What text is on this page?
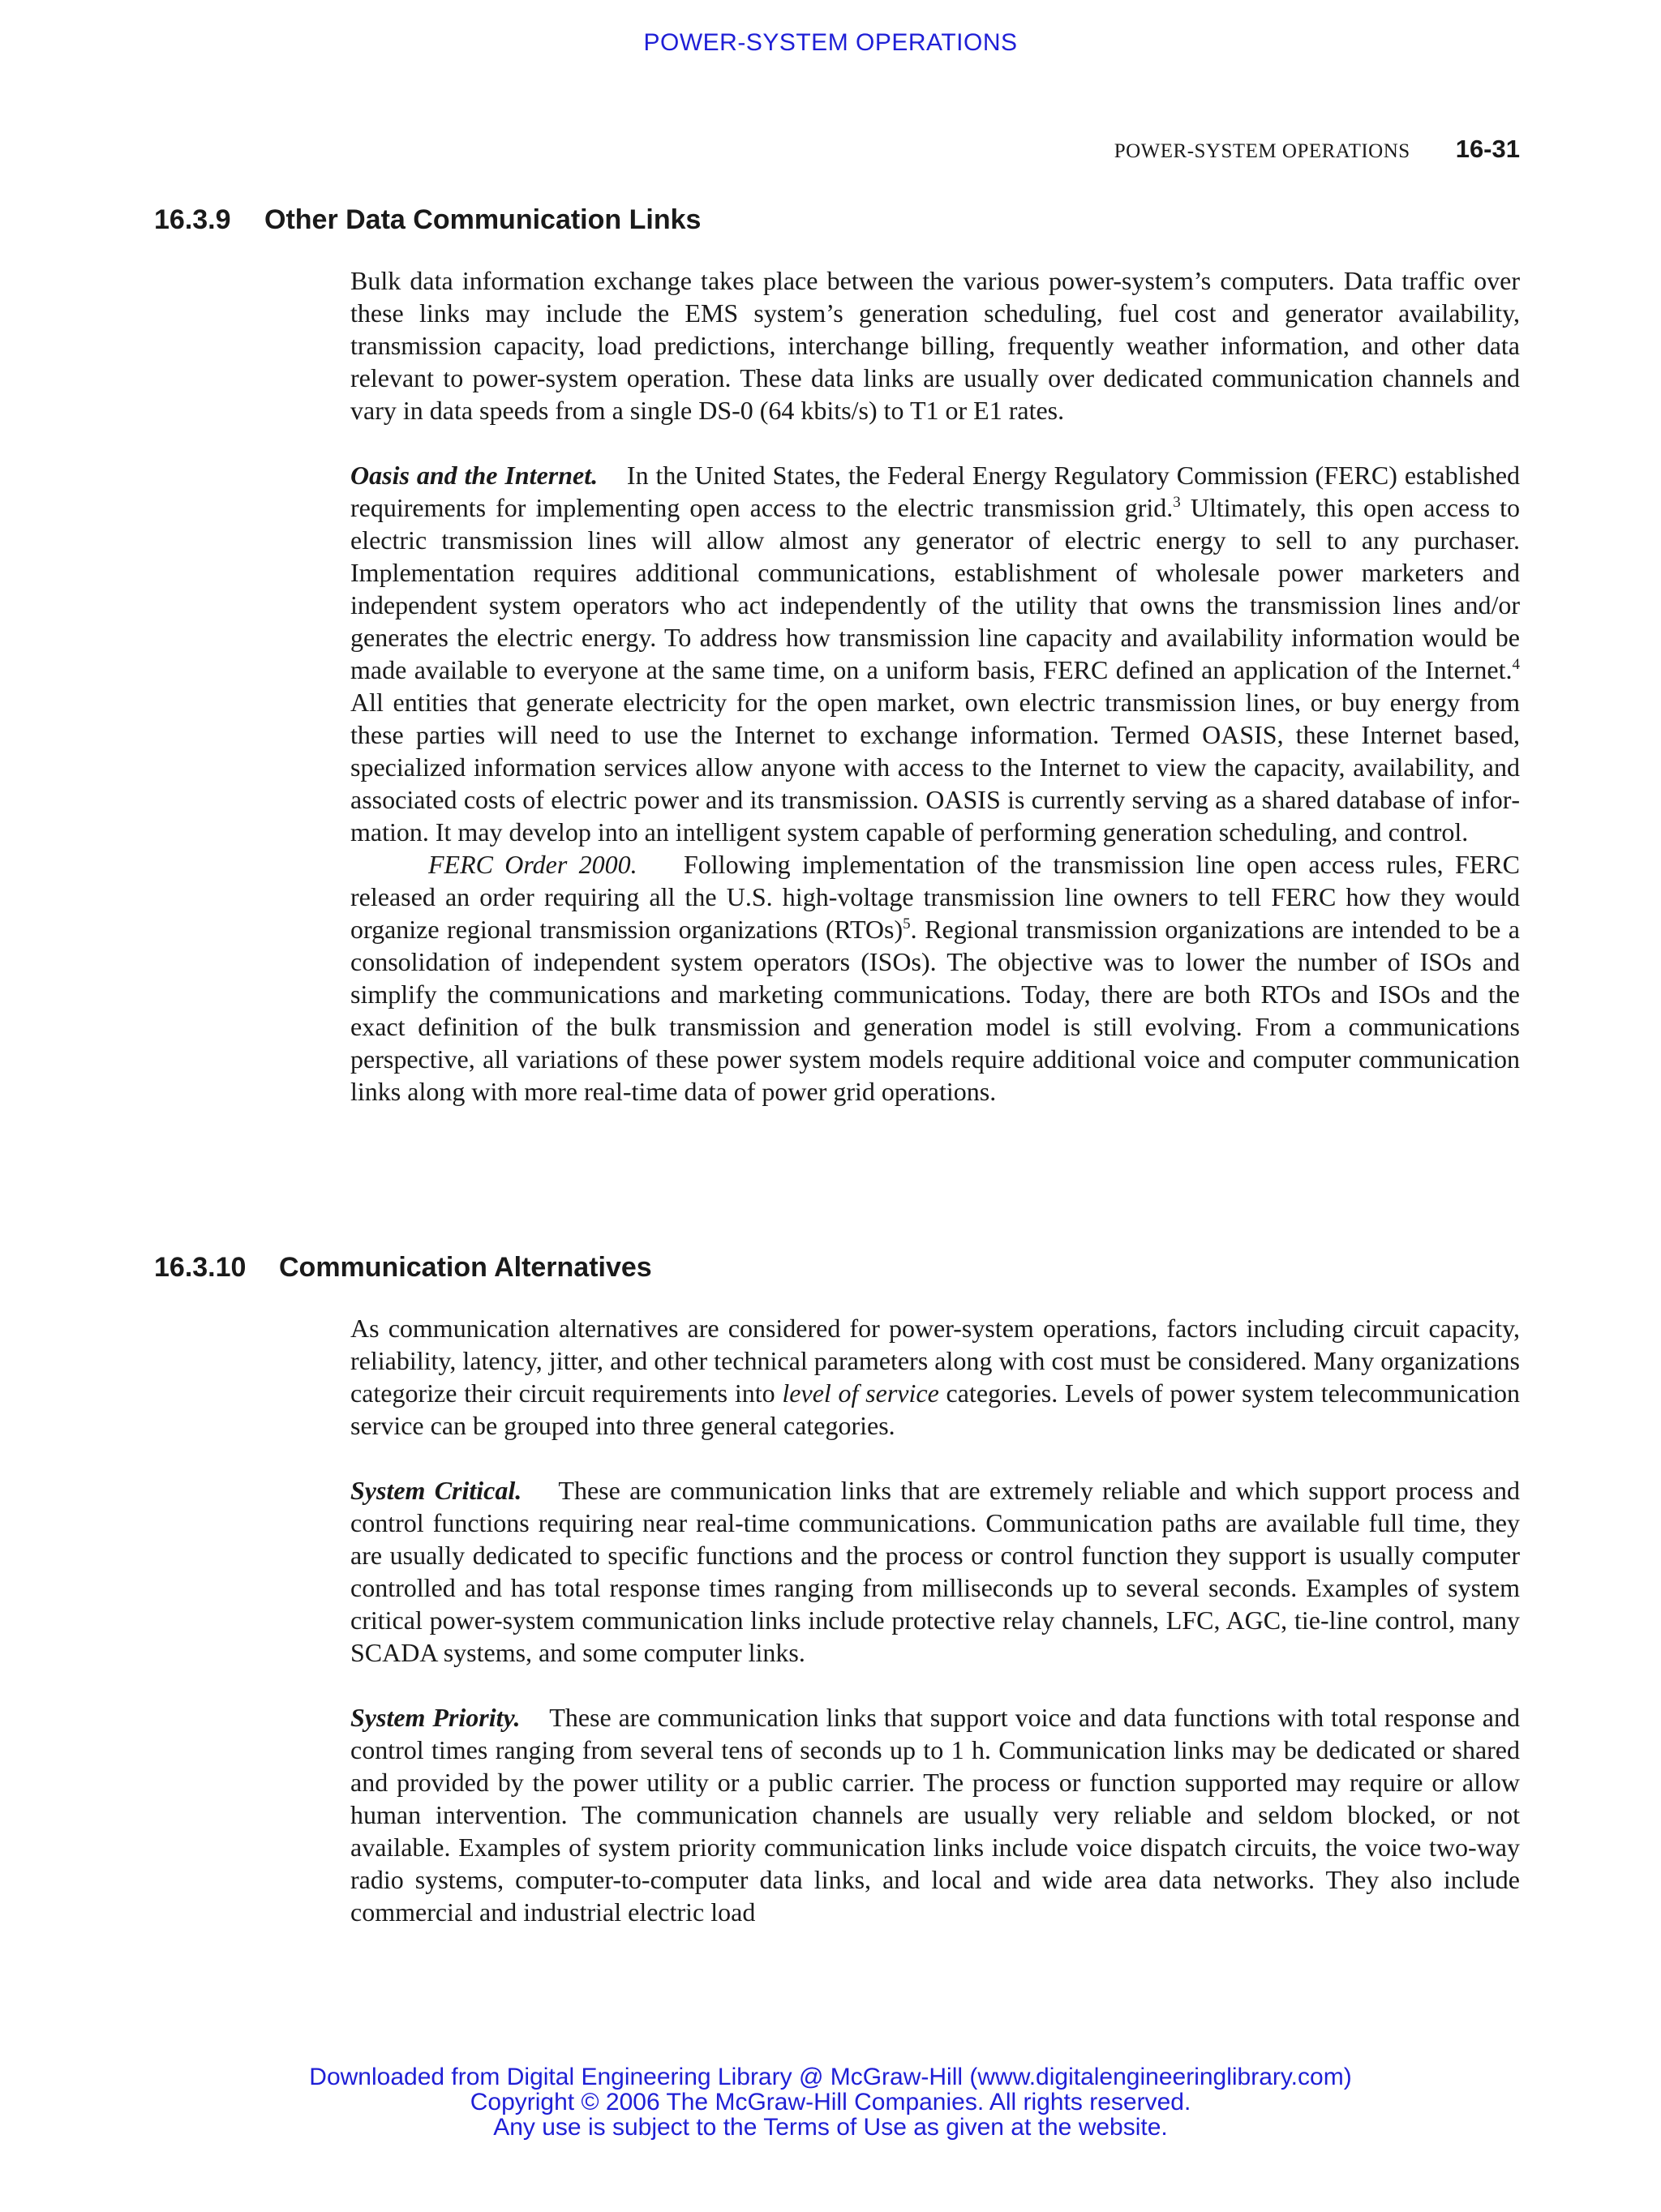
POWER-SYSTEM OPERATIONS
POWER-SYSTEM OPERATIONS 16-31
16.3.9 Other Data Communication Links

Bulk data information exchange takes place between the various power-system’s computers. Data traffic over these links may include the EMS system’s generation scheduling, fuel cost and generator availability, transmission capacity, load predictions, interchange billing, frequently weather information, and other data relevant to power-system operation. These data links are usually over dedicated communication channels and vary in data speeds from a single DS-0 (64 kbits/s) to T1 or E1 rates.

Oasis and the Internet. In the United States, the Federal Energy Regulatory Commission (FERC) established requirements for implementing open access to the electric transmission grid.$^3$ Ultimately, this open access to electric transmission lines will allow almost any generator of electric energy to sell to any purchaser. Implementation requires additional communications, establishment of wholesale power marketers and independent system operators who act independently of the utility that owns the transmission lines and/or generates the electric energy. To address how transmission line capacity and availability information would be made available to everyone at the same time, on a uniform basis, FERC defined an application of the Internet.$^4$ All entities that generate electricity for the open market, own electric transmission lines, or buy energy from these parties will need to use the Internet to exchange information. Termed OASIS, these Internet based, specialized information services allow anyone with access to the Internet to view the capacity, availability, and associated costs of electric power and its transmission. OASIS is currently serving as a shared database of information. It may develop into an intelligent system capable of performing generation scheduling, and control.

FERC Order 2000. Following implementation of the transmission line open access rules, FERC released an order requiring all the U.S. high-voltage transmission line owners to tell FERC how they would organize regional transmission organizations (RTOs)$^5$. Regional transmission organizations are intended to be a consolidation of independent system operators (ISOs). The objective was to lower the number of ISOs and simplify the communications and marketing communications. Today, there are both RTOs and ISOs and the exact definition of the bulk transmission and generation model is still evolving. From a communications perspective, all variations of these power system models require additional voice and computer communication links along with more real-time data of power grid operations.

16.3.10 Communication Alternatives

As communication alternatives are considered for power-system operations, factors including circuit capacity, reliability, latency, jitter, and other technical parameters along with cost must be considered. Many organizations categorize their circuit requirements into level of service categories. Levels of power system telecommunication service can be grouped into three general categories.

System Critical. These are communication links that are extremely reliable and which support process and control functions requiring near real-time communications. Communication paths are available full time, they are usually dedicated to specific functions and the process or control function they support is usually computer controlled and has total response times ranging from milliseconds up to several seconds. Examples of system critical power-system communication links include protective relay channels, LFC, AGC, tie-line control, many SCADA systems, and some computer links.

System Priority. These are communication links that support voice and data functions with total response and control times ranging from several tens of seconds up to 1 h. Communication links may be dedicated or shared and provided by the power utility or a public carrier. The process or function supported may require or allow human intervention. The communication channels are usually very reliable and seldom blocked, or not available. Examples of system priority communication links include voice dispatch circuits, the voice two-way radio systems, computer-to-computer data links, and local and wide area data networks. They also include commercial and industrial electric load

Downloaded from Digital Engineering Library @ McGraw-Hill (www.digitalengineeringlibrary.com)
Copyright © 2006 The McGraw-Hill Companies. All rights reserved.
Any use is subject to the Terms of Use as given at the website.
